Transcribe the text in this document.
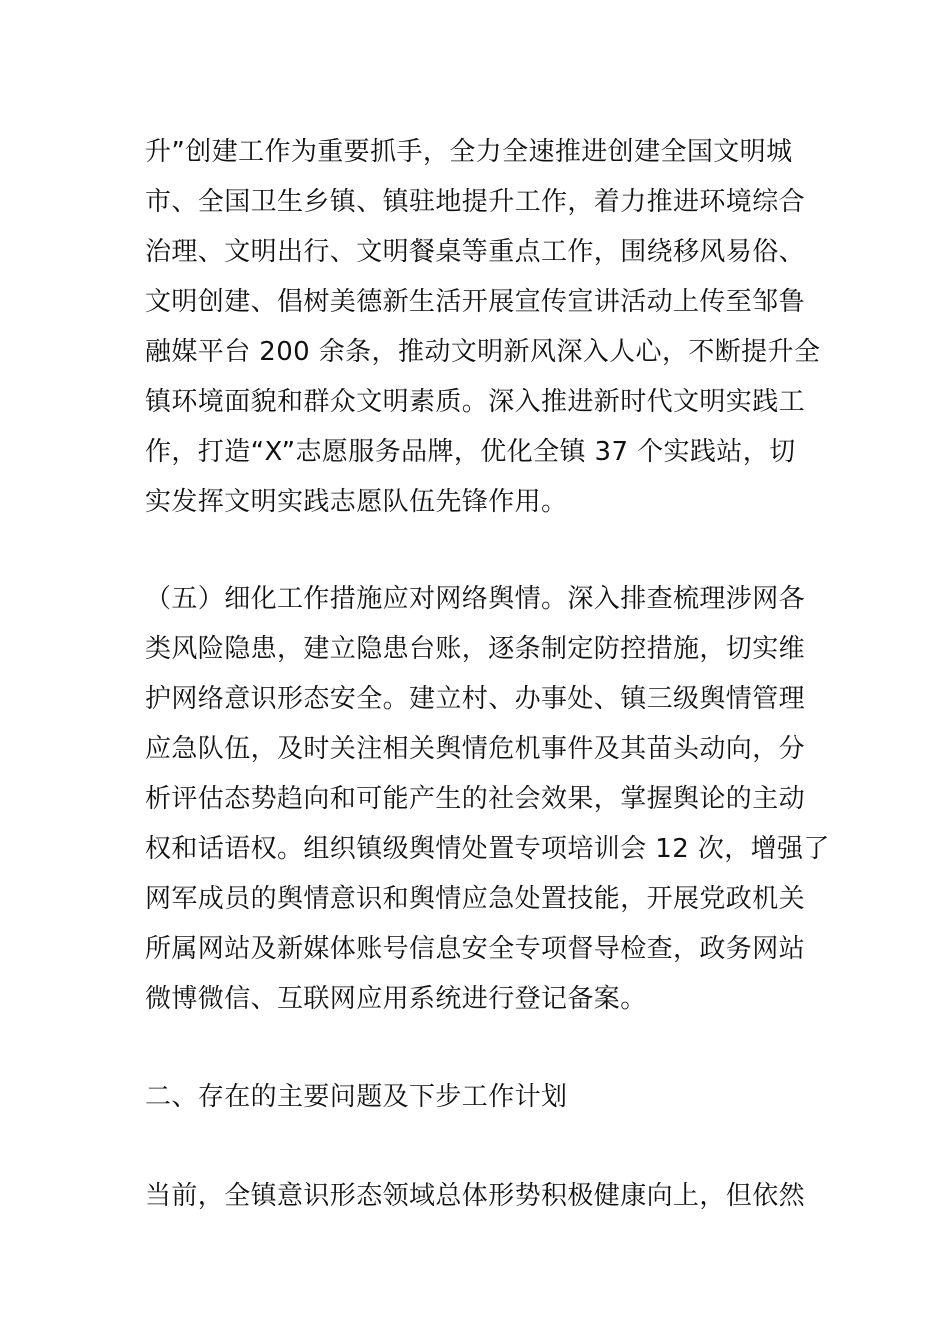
升”创建工作为重要抓手，全力全速推进创建全国文明城
市、全国卫生乡镇、镇驻地提升工作，着力推进环境综合
治理、文明出行、文明餐桌等重点工作，围绕移风易俗、
文明创建、倡树美德新生活开展宣传宣讲活动上传至邹鲁
融媒平台 200 余条，推动文明新风深入人心，不断提升全
镇环境面貌和群众文明素质。深入推进新时代文明实践工
作，打造“X”志愿服务品牌，优化全镇 37 个实践站，切
实发挥文明实践志愿队伍先锋作用。
（五）细化工作措施应对网络舆情。深入排查梳理涉网各
类风险隐患，建立隐患台账，逐条制定防控措施，切实维
护网络意识形态安全。建立村、办事处、镇三级舆情管理
应急队伍，及时关注相关舆情危机事件及其苗头动向，分
析评估态势趋向和可能产生的社会效果，掌握舆论的主动
权和话语权。组织镇级舆情处置专项培训会 12 次，增强了
网军成员的舆情意识和舆情应急处置技能，开展党政机关
所属网站及新媒体账号信息安全专项督导检查，政务网站
微博微信、互联网应用系统进行登记备案。
二、存在的主要问题及下步工作计划
当前，全镇意识形态领域总体形势积极健康向上，但依然
